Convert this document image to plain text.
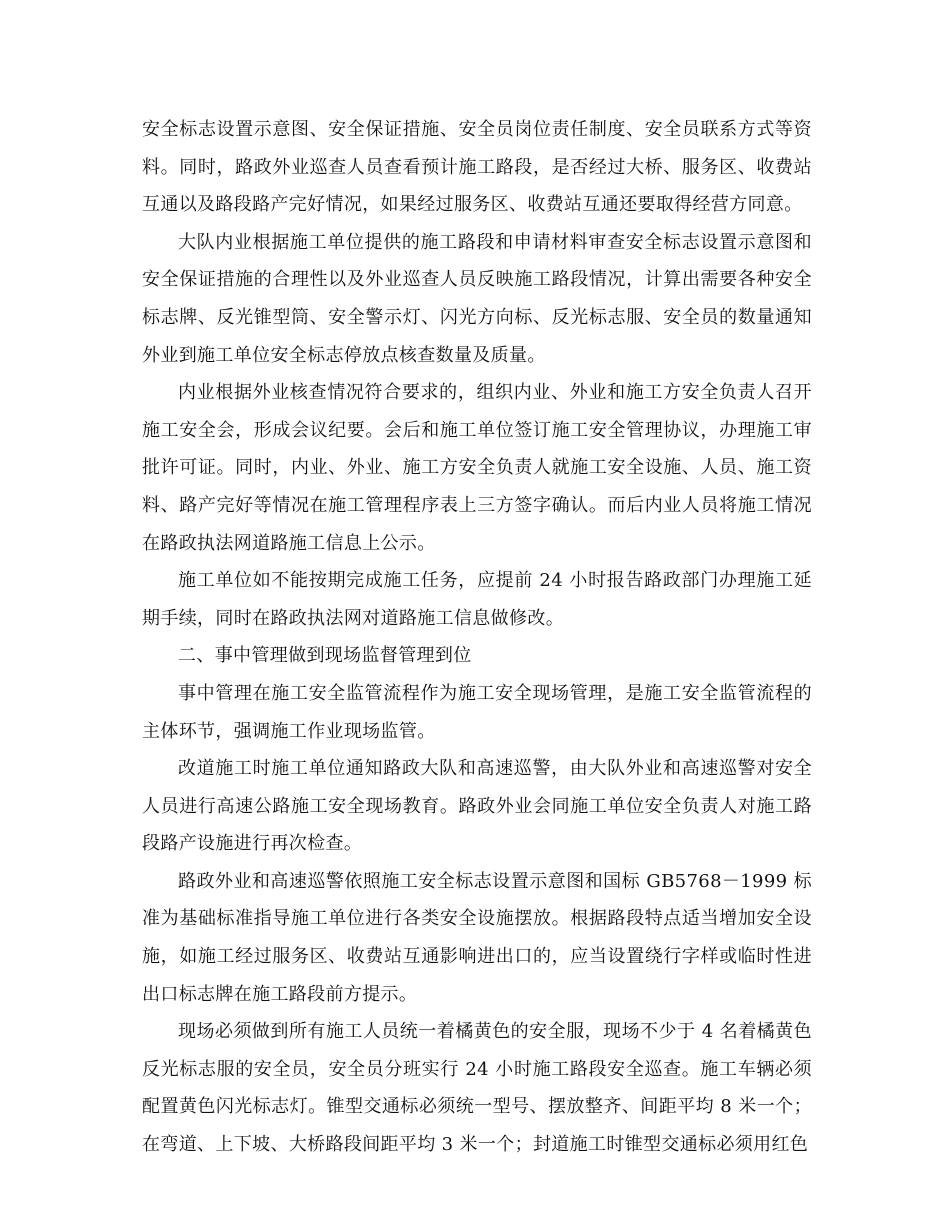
安全标志设置示意图、安全保证措施、安全员岗位责任制度、安全员联系方式等资料。同时，路政外业巡查人员查看预计施工路段，是否经过大桥、服务区、收费站互通以及路段路产完好情况，如果经过服务区、收费站互通还要取得经营方同意。

大队内业根据施工单位提供的施工路段和申请材料审查安全标志设置示意图和安全保证措施的合理性以及外业巡查人员反映施工路段情况，计算出需要各种安全标志牌、反光锥型筒、安全警示灯、闪光方向标、反光标志服、安全员的数量通知外业到施工单位安全标志停放点核查数量及质量。

内业根据外业核查情况符合要求的，组织内业、外业和施工方安全负责人召开施工安全会，形成会议纪要。会后和施工单位签订施工安全管理协议，办理施工审批许可证。同时，内业、外业、施工方安全负责人就施工安全设施、人员、施工资料、路产完好等情况在施工管理程序表上三方签字确认。而后内业人员将施工情况在路政执法网道路施工信息上公示。

施工单位如不能按期完成施工任务，应提前 24 小时报告路政部门办理施工延期手续，同时在路政执法网对道路施工信息做修改。

二、事中管理做到现场监督管理到位

事中管理在施工安全监管流程作为施工安全现场管理，是施工安全监管流程的主体环节，强调施工作业现场监管。

改道施工时施工单位通知路政大队和高速巡警，由大队外业和高速巡警对安全人员进行高速公路施工安全现场教育。路政外业会同施工单位安全负责人对施工路段路产设施进行再次检查。

路政外业和高速巡警依照施工安全标志设置示意图和国标 GB5768－1999 标准为基础标准指导施工单位进行各类安全设施摆放。根据路段特点适当增加安全设施，如施工经过服务区、收费站互通影响进出口的，应当设置绕行字样或临时性进出口标志牌在施工路段前方提示。

现场必须做到所有施工人员统一着橘黄色的安全服，现场不少于 4 名着橘黄色反光标志服的安全员，安全员分班实行 24 小时施工路段安全巡查。施工车辆必须配置黄色闪光标志灯。锥型交通标必须统一型号、摆放整齐、间距平均 8 米一个；在弯道、上下坡、大桥路段间距平均 3 米一个；封道施工时锥型交通标必须用红色
